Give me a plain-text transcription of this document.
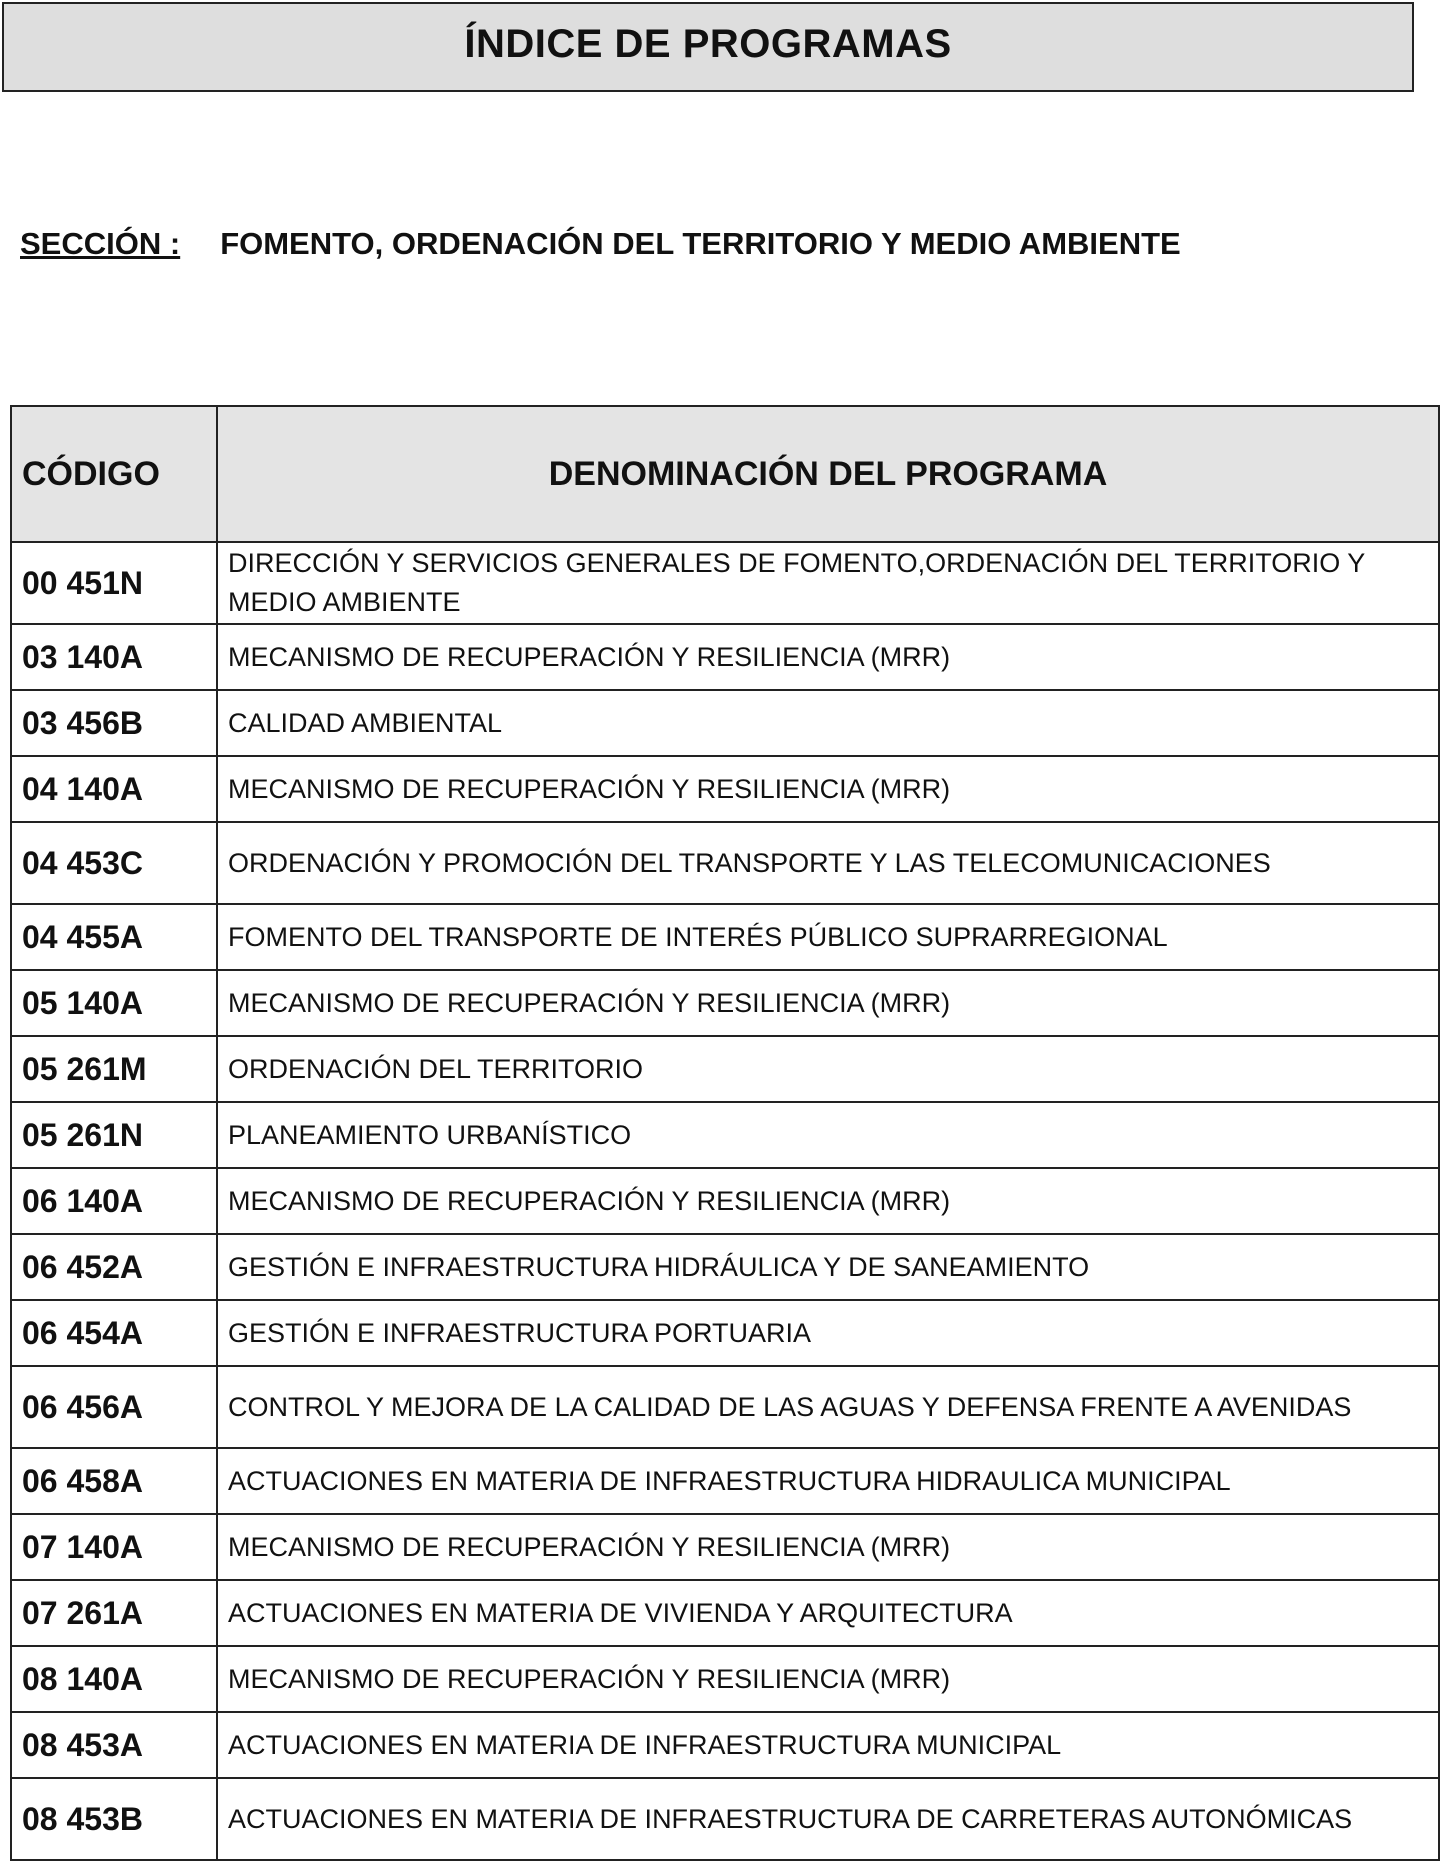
ÍNDICE DE PROGRAMAS
SECCIÓN : FOMENTO, ORDENACIÓN DEL TERRITORIO Y MEDIO AMBIENTE
CÓDIGO	DENOMINACIÓN DEL PROGRAMA
00 451N	DIRECCIÓN Y SERVICIOS GENERALES DE FOMENTO,ORDENACIÓN DEL TERRITORIO Y MEDIO AMBIENTE
03 140A	MECANISMO DE RECUPERACIÓN Y RESILIENCIA (MRR)
03 456B	CALIDAD AMBIENTAL
04 140A	MECANISMO DE RECUPERACIÓN Y RESILIENCIA (MRR)
04 453C	ORDENACIÓN Y PROMOCIÓN DEL TRANSPORTE Y LAS TELECOMUNICACIONES
04 455A	FOMENTO DEL TRANSPORTE DE INTERÉS PÚBLICO SUPRARREGIONAL
05 140A	MECANISMO DE RECUPERACIÓN Y RESILIENCIA (MRR)
05 261M	ORDENACIÓN DEL TERRITORIO
05 261N	PLANEAMIENTO URBANÍSTICO
06 140A	MECANISMO DE RECUPERACIÓN Y RESILIENCIA (MRR)
06 452A	GESTIÓN E INFRAESTRUCTURA HIDRÁULICA Y DE SANEAMIENTO
06 454A	GESTIÓN E INFRAESTRUCTURA PORTUARIA
06 456A	CONTROL Y MEJORA DE LA CALIDAD DE LAS AGUAS Y DEFENSA FRENTE A AVENIDAS
06 458A	ACTUACIONES EN MATERIA DE INFRAESTRUCTURA HIDRAULICA MUNICIPAL
07 140A	MECANISMO DE RECUPERACIÓN Y RESILIENCIA (MRR)
07 261A	ACTUACIONES EN MATERIA DE VIVIENDA Y ARQUITECTURA
08 140A	MECANISMO DE RECUPERACIÓN Y RESILIENCIA (MRR)
08 453A	ACTUACIONES EN MATERIA DE INFRAESTRUCTURA MUNICIPAL
08 453B	ACTUACIONES EN MATERIA DE INFRAESTRUCTURA DE CARRETERAS AUTONÓMICAS
